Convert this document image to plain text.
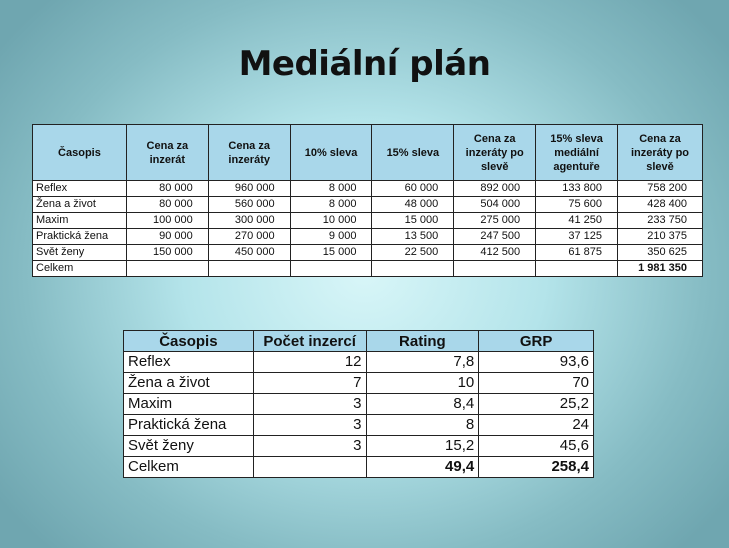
Mediální plán
Časopis	Cena za inzerát	Cena za inzeráty	10% sleva	15% sleva	Cena za inzeráty po slevě	15% sleva mediální agentuře	Cena za inzeráty po slevě
Reflex	80 000	960 000	8 000	60 000	892 000	133 800	758 200
Žena a život	80 000	560 000	8 000	48 000	504 000	75 600	428 400
Maxim	100 000	300 000	10 000	15 000	275 000	41 250	233 750
Praktická žena	90 000	270 000	9 000	13 500	247 500	37 125	210 375
Svět ženy	150 000	450 000	15 000	22 500	412 500	61 875	350 625
Celkem							1 981 350
Časopis	Počet inzercí	Rating	GRP
Reflex	12	7,8	93,6
Žena a život	7	10	70
Maxim	3	8,4	25,2
Praktická žena	3	8	24
Svět ženy	3	15,2	45,6
Celkem		49,4	258,4
